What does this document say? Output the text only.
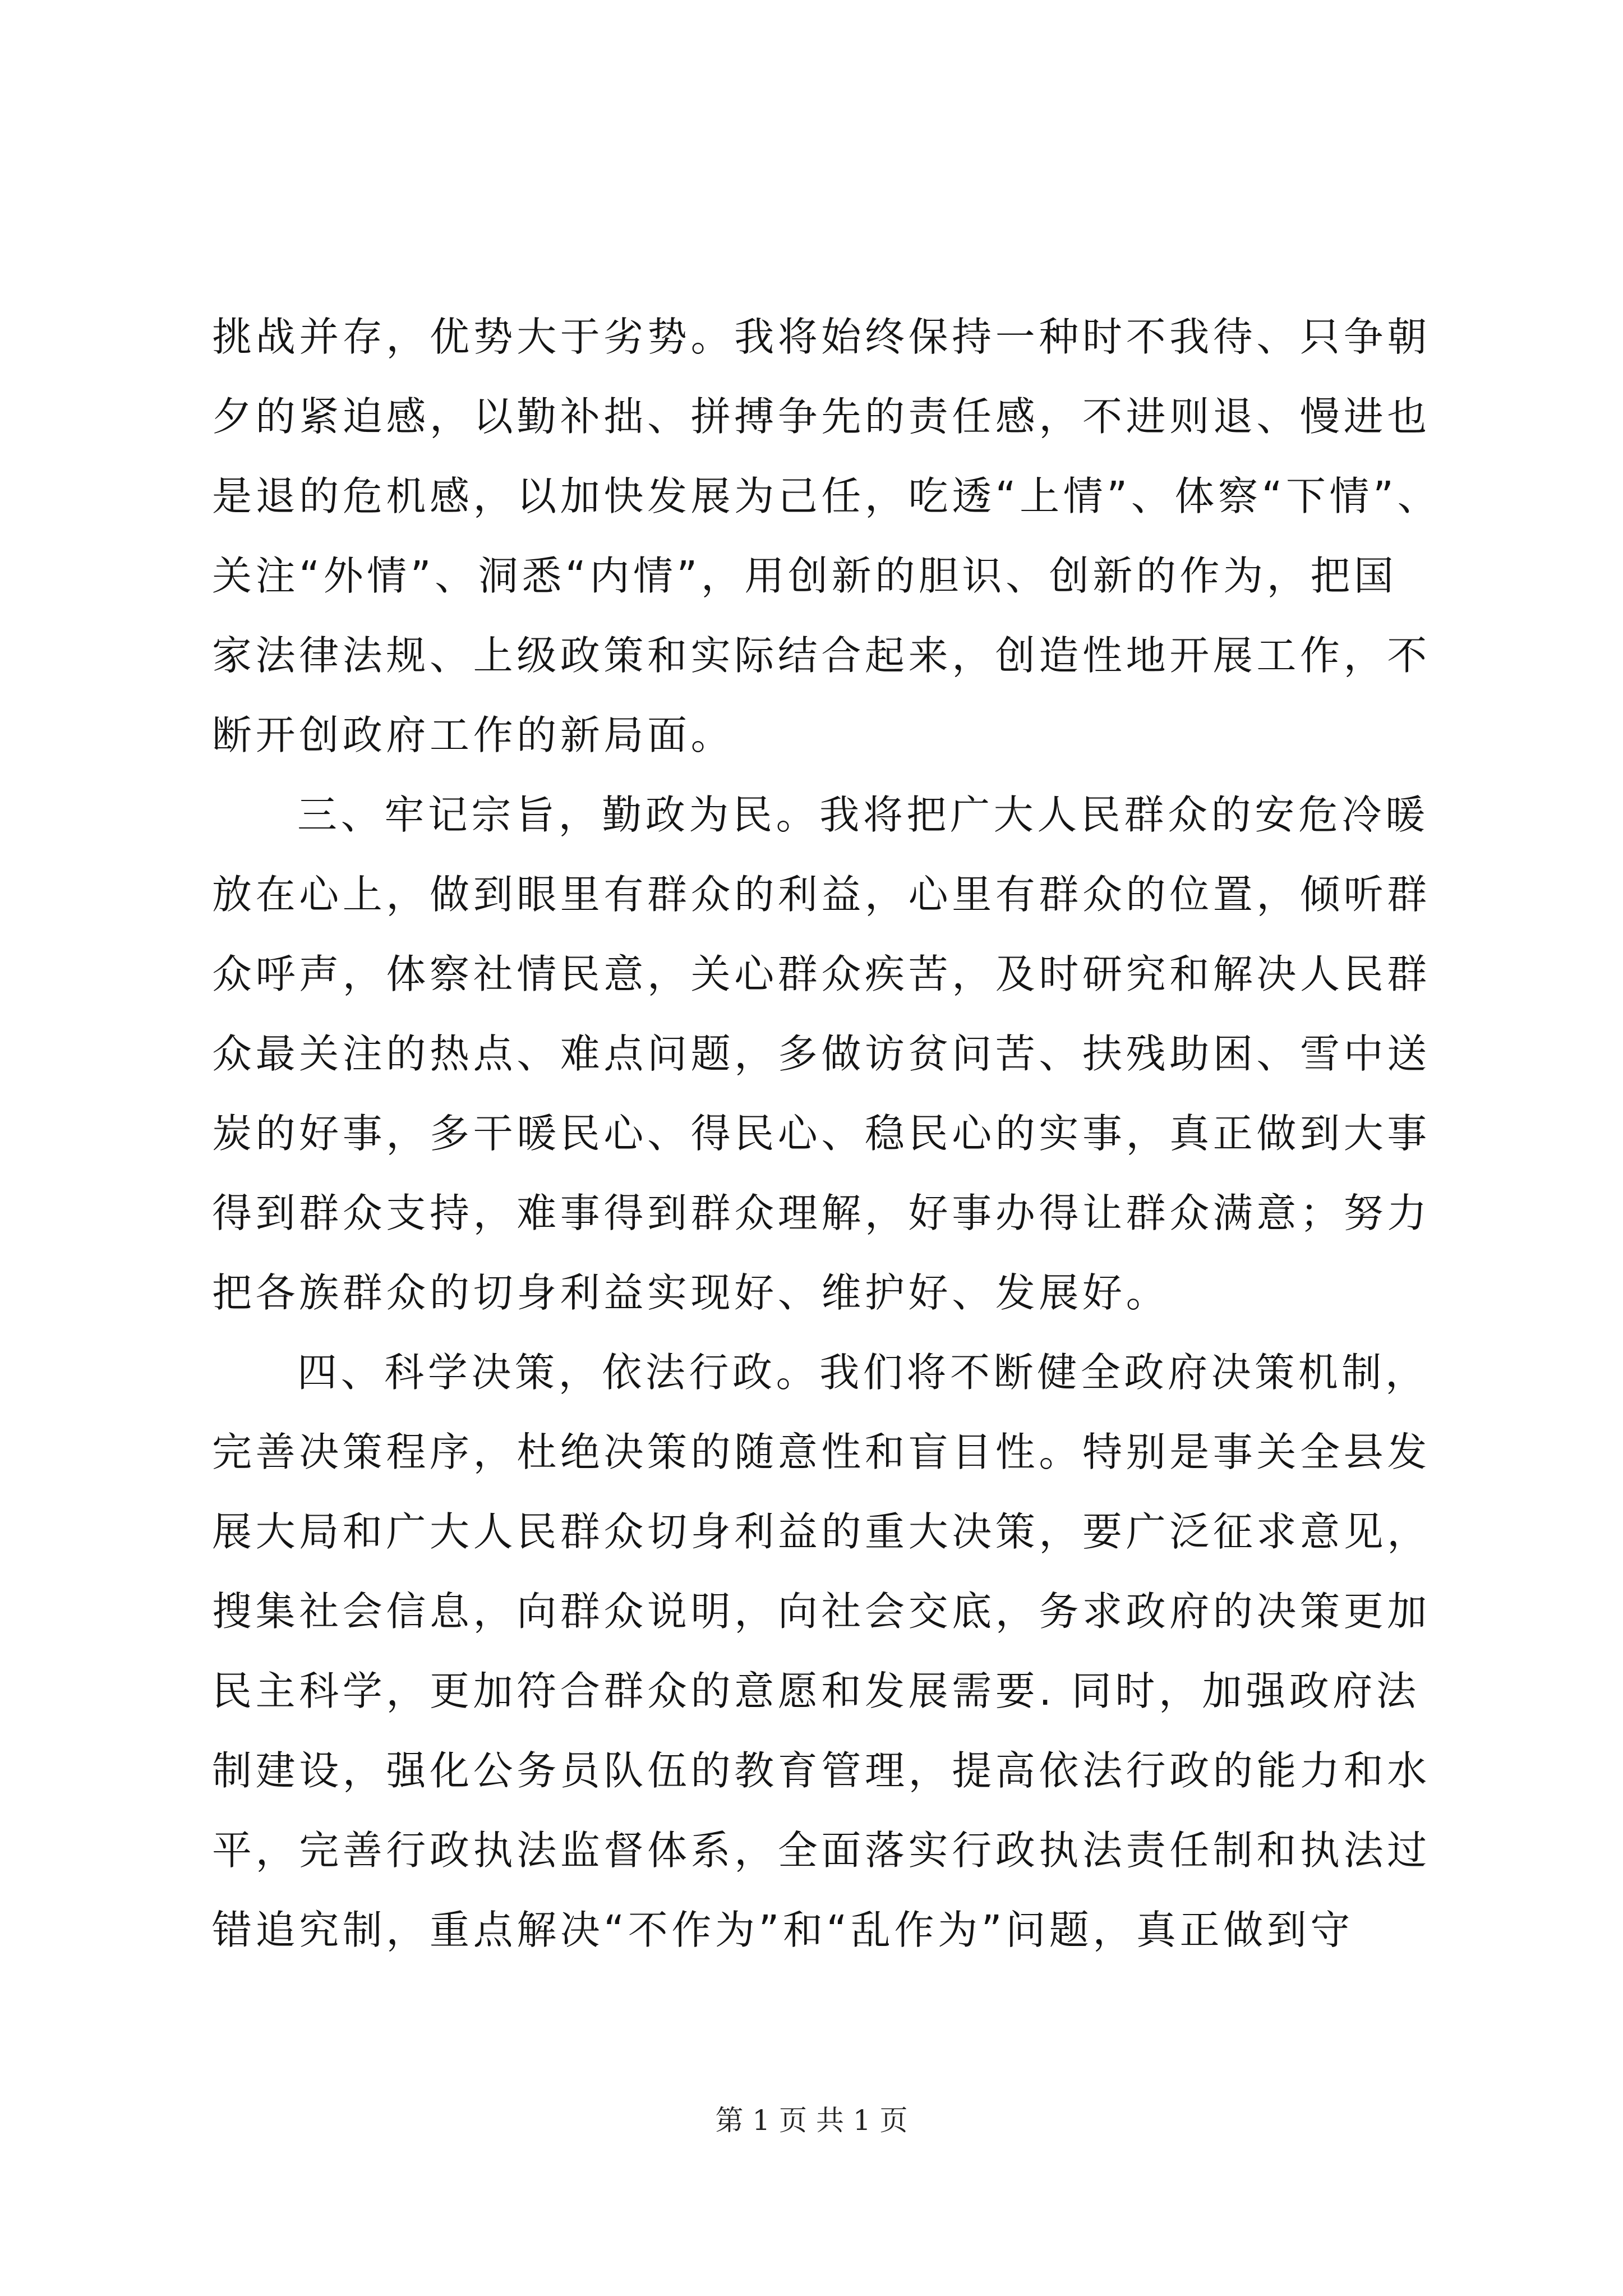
挑战并存，优势大于劣势。我将始终保持一种时不我待、只争朝
夕的紧迫感，以勤补拙、拼搏争先的责任感，不进则退、慢进也
是退的危机感，以加快发展为己任，吃透“上情”、体察“下情”、
关注“外情”、洞悉“内情”，用创新的胆识、创新的作为，把国
家法律法规、上级政策和实际结合起来，创造性地开展工作，不
断开创政府工作的新局面。
三、牢记宗旨，勤政为民。我将把广大人民群众的安危冷暖
放在心上，做到眼里有群众的利益，心里有群众的位置，倾听群
众呼声，体察社情民意，关心群众疾苦，及时研究和解决人民群
众最关注的热点、难点问题，多做访贫问苦、扶残助困、雪中送
炭的好事，多干暖民心、得民心、稳民心的实事，真正做到大事
得到群众支持，难事得到群众理解，好事办得让群众满意；努力
把各族群众的切身利益实现好、维护好、发展好。
四、科学决策，依法行政。我们将不断健全政府决策机制，
完善决策程序，杜绝决策的随意性和盲目性。特别是事关全县发
展大局和广大人民群众切身利益的重大决策，要广泛征求意见，
搜集社会信息，向群众说明，向社会交底，务求政府的决策更加
民主科学，更加符合群众的意愿和发展需要. 同时，加强政府法
制建设，强化公务员队伍的教育管理，提高依法行政的能力和水
平，完善行政执法监督体系，全面落实行政执法责任制和执法过
错追究制，重点解决“不作为”和“乱作为”问题，真正做到守
第 1 页 共 1 页
